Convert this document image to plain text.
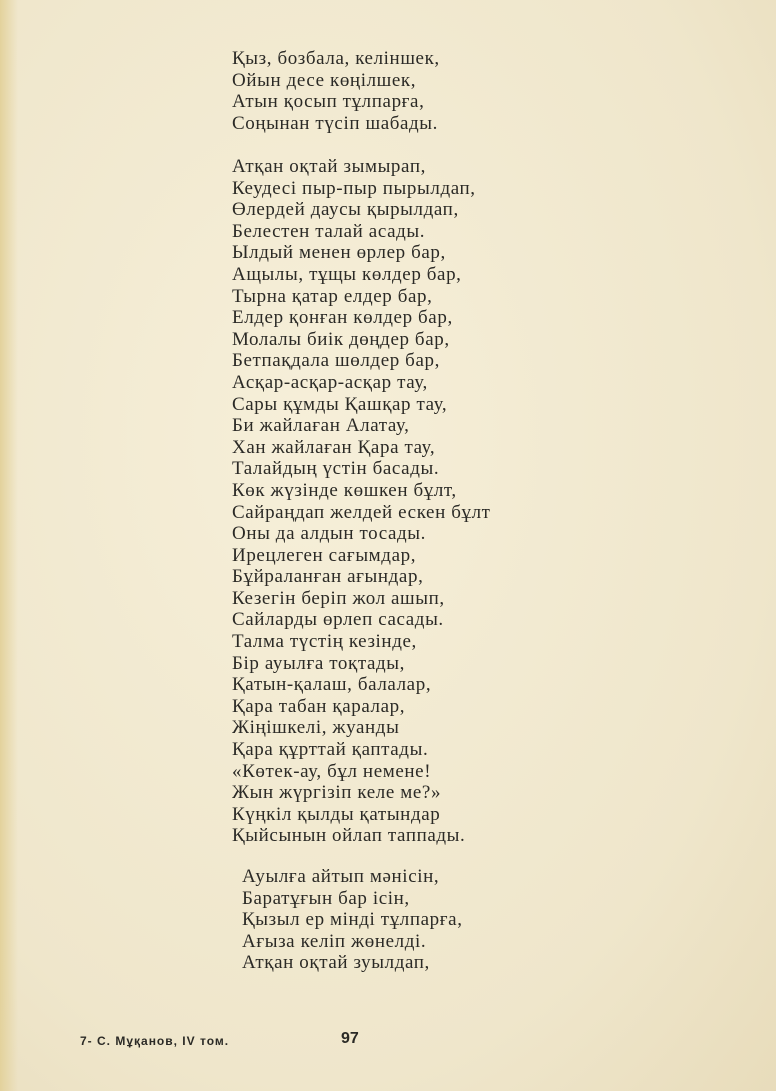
Қыз, бозбала, келіншек,
Ойын десе көңілшек,
Атын қосып тұлпарға,
Соңынан түсіп шабады.
Атқан оқтай зымырап,
Кеудесі пыр-пыр пырылдап,
Өлердей даусы қырылдап,
Белестен талай асады.
Ылдый менен өрлер бар,
Ащылы, тұщы көлдер бар,
Тырна қатар елдер бар,
Елдер қонған көлдер бар,
Молалы биік дөңдер бар,
Бетпақдала шөлдер бар,
Асқар-асқар-асқар тау,
Сары құмды Қашқар тау,
Би жайлаған Алатау,
Хан жайлаған Қара тау,
Талайдың үстін басады.
Көк жүзінде көшкен бұлт,
Сайраңдап желдей ескен бұлт
Оны да алдын тосады.
Ирецлеген сағымдар,
Бұйраланған ағындар,
Кезегін беріп жол ашып,
Сайларды өрлеп сасады.
Талма түстің кезінде,
Бір ауылға тоқтады,
Қатын-қалаш, балалар,
Қара табан қаралар,
Жіңішкелі, жуанды
Қара құрттай қаптады.
«Көтек-ау, бұл немене!
Жын жүргізіп келе ме?»
Күңкіл қылды қатындар
Қыйсынын ойлап таппады.
Ауылға айтып мәнісін,
Баратұғын бар ісін,
Қызыл ер мінді тұлпарға,
Ағыза келіп жөнелді.
Атқан оқтай зуылдап,
7- С. Мұқанов, IV том.	97
